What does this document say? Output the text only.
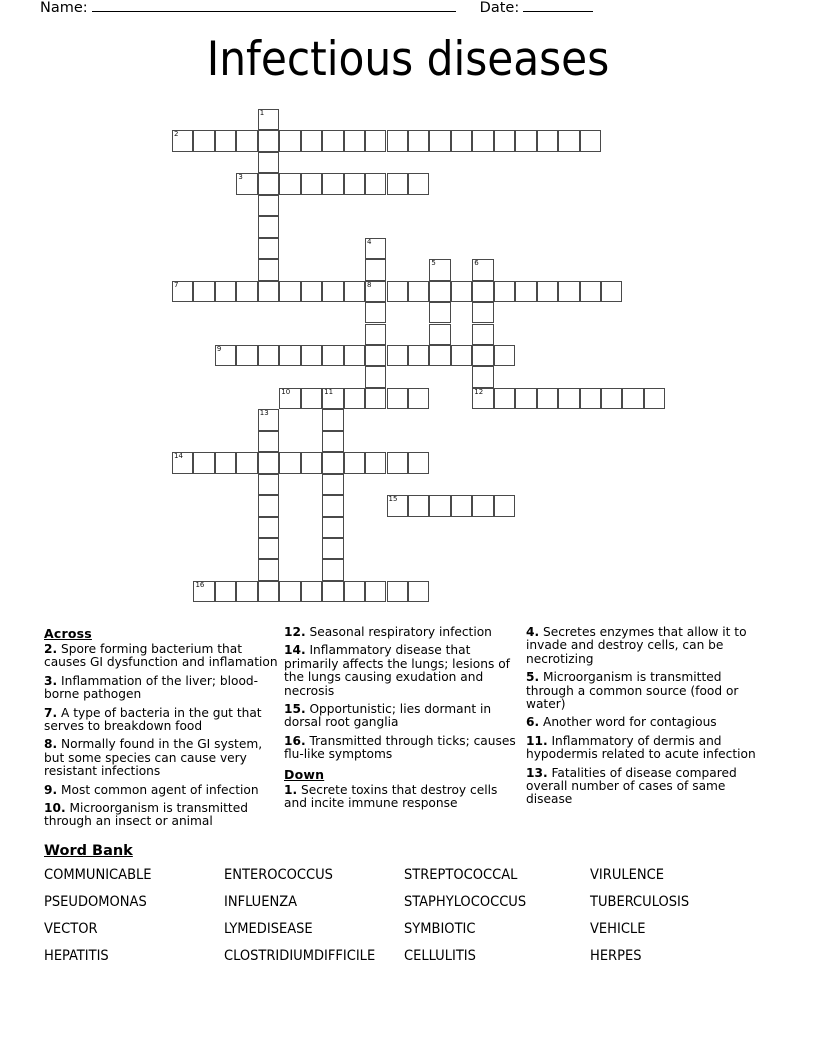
Name:	Date:
Infectious diseases
1
2
3
4
5	6
7	8
9
10	11	12
13
14
15
16
Across
2. Spore forming bacterium that causes GI dysfunction and inflamation
3. Inflammation of the liver; blood-borne pathogen
7. A type of bacteria in the gut that serves to breakdown food
8. Normally found in the GI system, but some species can cause very resistant infections
9. Most common agent of infection
10. Microorganism is transmitted through an insect or animal
12. Seasonal respiratory infection
14. Inflammatory disease that primarily affects the lungs; lesions of the lungs causing exudation and necrosis
15. Opportunistic; lies dormant in dorsal root ganglia
16. Transmitted through ticks; causes flu-like symptoms
Down
1. Secrete toxins that destroy cells and incite immune response
4. Secretes enzymes that allow it to invade and destroy cells, can be necrotizing
5. Microorganism is transmitted through a common source (food or water)
6. Another word for contagious
11. Inflammatory of dermis and hypodermis related to acute infection
13. Fatalities of disease compared overall number of cases of same disease
Word Bank
COMMUNICABLE	ENTEROCOCCUS	STREPTOCOCCAL	VIRULENCE
PSEUDOMONAS	INFLUENZA	STAPHYLOCOCCUS	TUBERCULOSIS
VECTOR	LYMEDISEASE	SYMBIOTIC	VEHICLE
HEPATITIS	CLOSTRIDIUMDIFFICILE	CELLULITIS	HERPES
